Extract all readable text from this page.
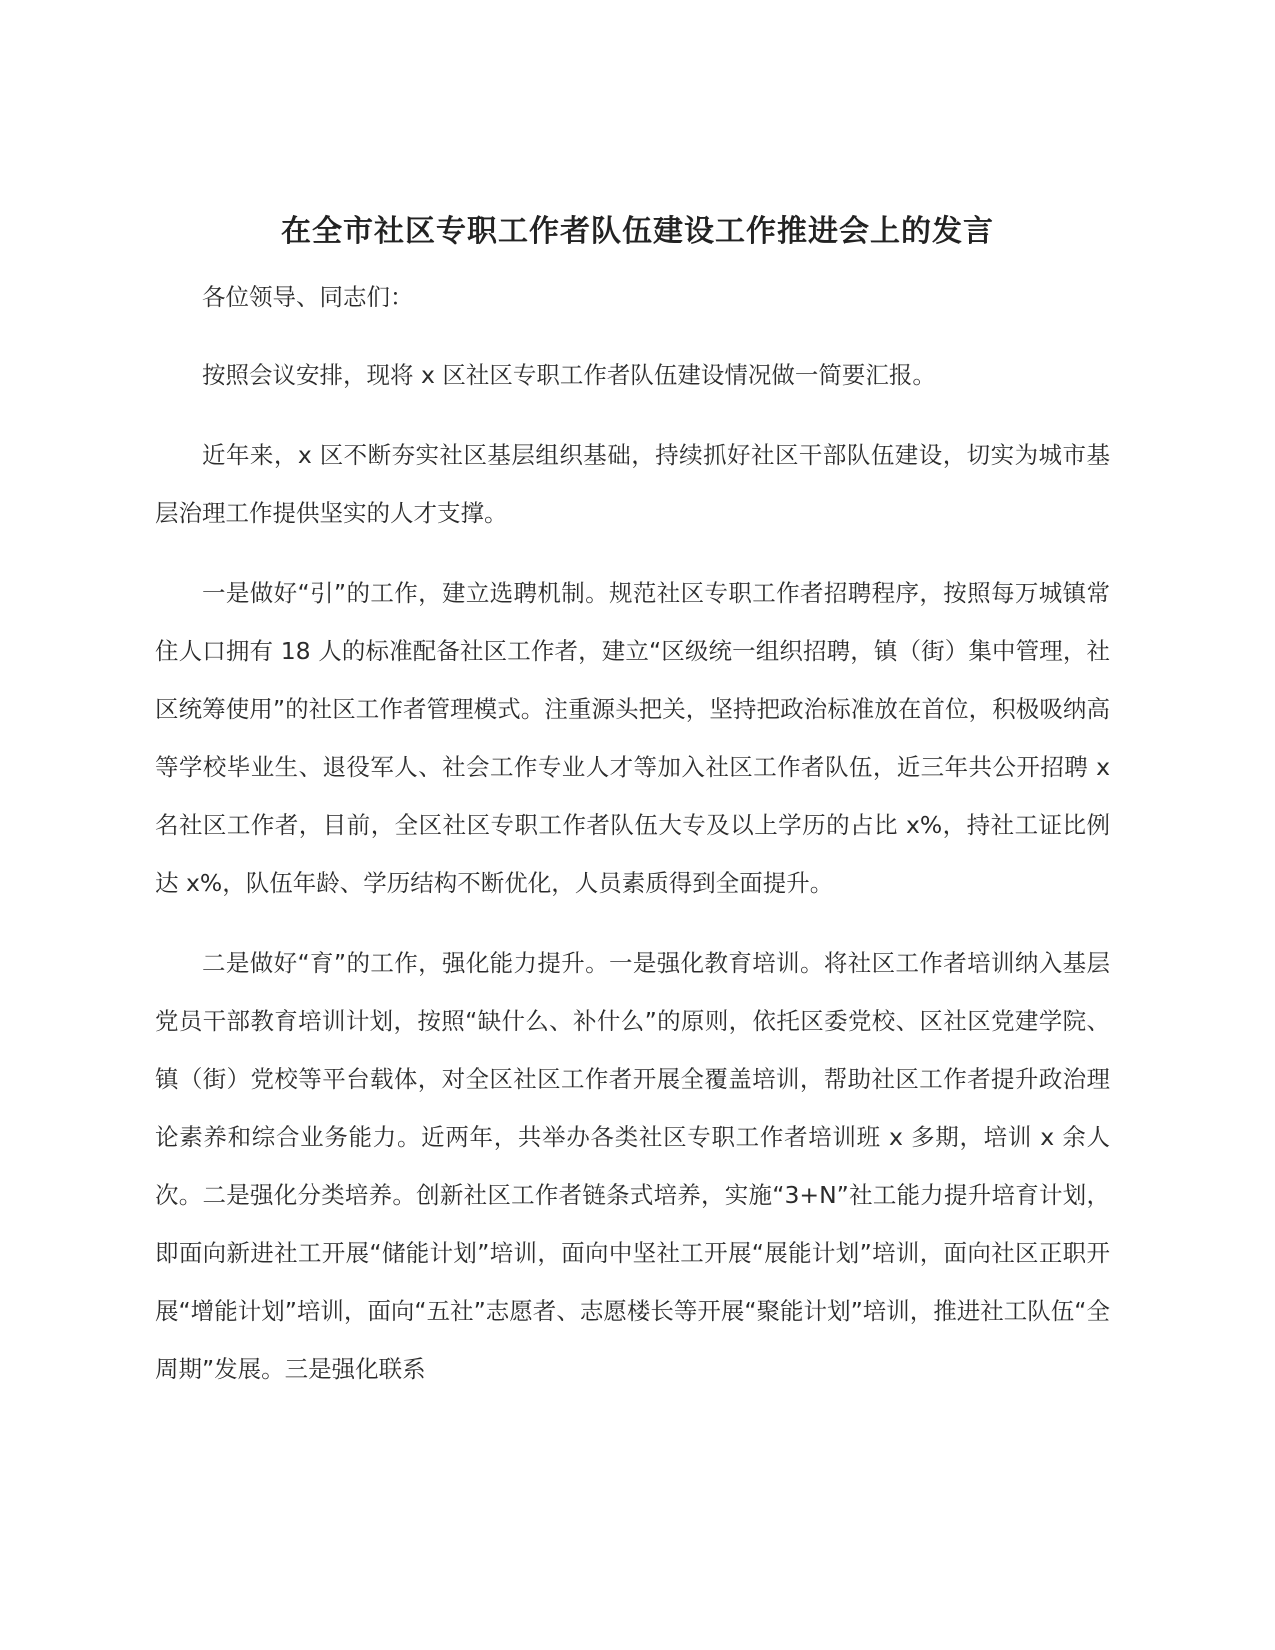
在全市社区专职工作者队伍建设工作推进会上的发言

各位领导、同志们：

按照会议安排，现将 x 区社区专职工作者队伍建设情况做一简要汇报。

近年来，x 区不断夯实社区基层组织基础，持续抓好社区干部队伍建设，切实为城市基层治理工作提供坚实的人才支撑。

一是做好“引”的工作，建立选聘机制。规范社区专职工作者招聘程序，按照每万城镇常住人口拥有 18 人的标准配备社区工作者，建立“区级统一组织招聘，镇（街）集中管理，社区统筹使用”的社区工作者管理模式。注重源头把关，坚持把政治标准放在首位，积极吸纳高等学校毕业生、退役军人、社会工作专业人才等加入社区工作者队伍，近三年共公开招聘 x 名社区工作者，目前，全区社区专职工作者队伍大专及以上学历的占比 x%，持社工证比例达 x%，队伍年龄、学历结构不断优化，人员素质得到全面提升。

二是做好“育”的工作，强化能力提升。一是强化教育培训。将社区工作者培训纳入基层党员干部教育培训计划，按照“缺什么、补什么”的原则，依托区委党校、区社区党建学院、镇（街）党校等平台载体，对全区社区工作者开展全覆盖培训，帮助社区工作者提升政治理论素养和综合业务能力。近两年，共举办各类社区专职工作者培训班 x 多期，培训 x 余人次。二是强化分类培养。创新社区工作者链条式培养，实施“3+N”社工能力提升培育计划，即面向新进社工开展“储能计划”培训，面向中坚社工开展“展能计划”培训，面向社区正职开展“增能计划”培训，面向“五社”志愿者、志愿楼长等开展“聚能计划”培训，推进社工队伍“全周期”发展。三是强化联系
